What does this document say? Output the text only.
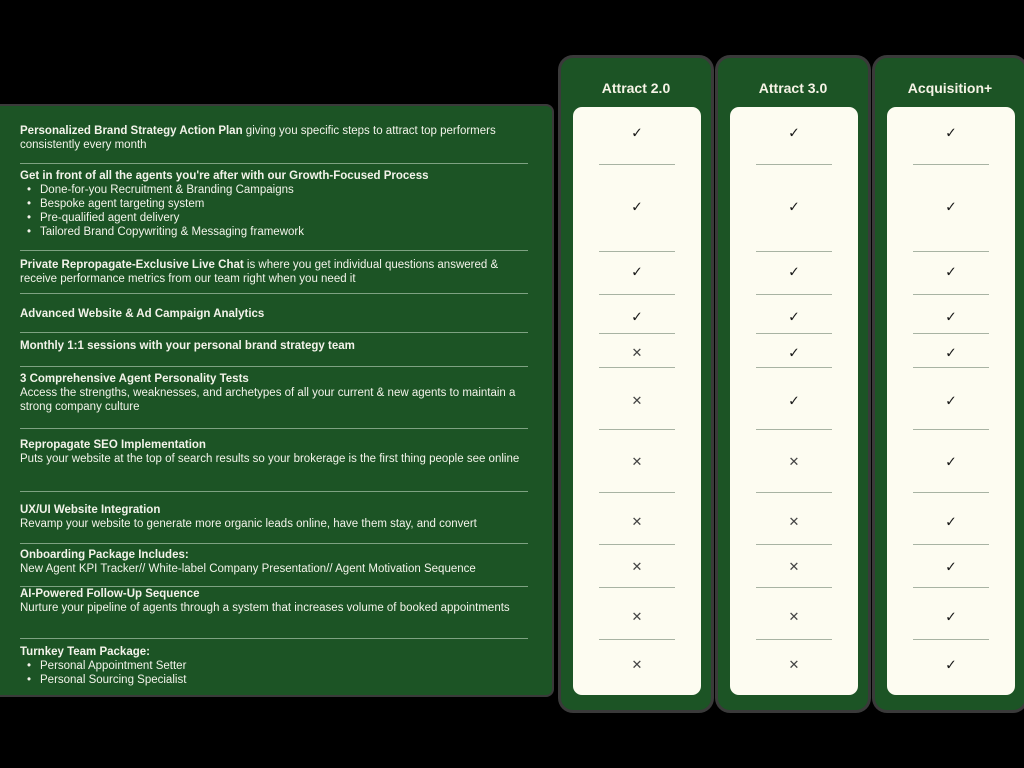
Personalized Brand Strategy Action Plan giving you specific steps to attract top performers consistently every month
Get in front of all the agents you're after with our Growth-Focused Process
• Done-for-you Recruitment & Branding Campaigns
• Bespoke agent targeting system
• Pre-qualified agent delivery
• Tailored Brand Copywriting & Messaging framework
Private Repropagate-Exclusive Live Chat is where you get individual questions answered & receive performance metrics from our team right when you need it
Advanced Website & Ad Campaign Analytics
Monthly 1:1 sessions with your personal brand strategy team
3 Comprehensive Agent Personality Tests
Access the strengths, weaknesses, and archetypes of all your current & new agents to maintain a strong company culture
Repropagate SEO Implementation
Puts your website at the top of search results so your brokerage is the first thing people see online
UX/UI Website Integration
Revamp your website to generate more organic leads online, have them stay, and convert
Onboarding Package Includes:
New Agent KPI Tracker// White-label Company Presentation// Agent Motivation Sequence
AI-Powered Follow-Up Sequence
Nurture your pipeline of agents through a system that increases volume of booked appointments
Turnkey Team Package:
• Personal Appointment Setter
• Personal Sourcing Specialist
Attract 2.0
✓
✓
✓
✓
✕
✕
✕
✕
✕
✕
✕
Attract 3.0
✓
✓
✓
✓
✓
✓
✕
✕
✕
✕
✕
Acquisition+
✓
✓
✓
✓
✓
✓
✓
✓
✓
✓
✓
